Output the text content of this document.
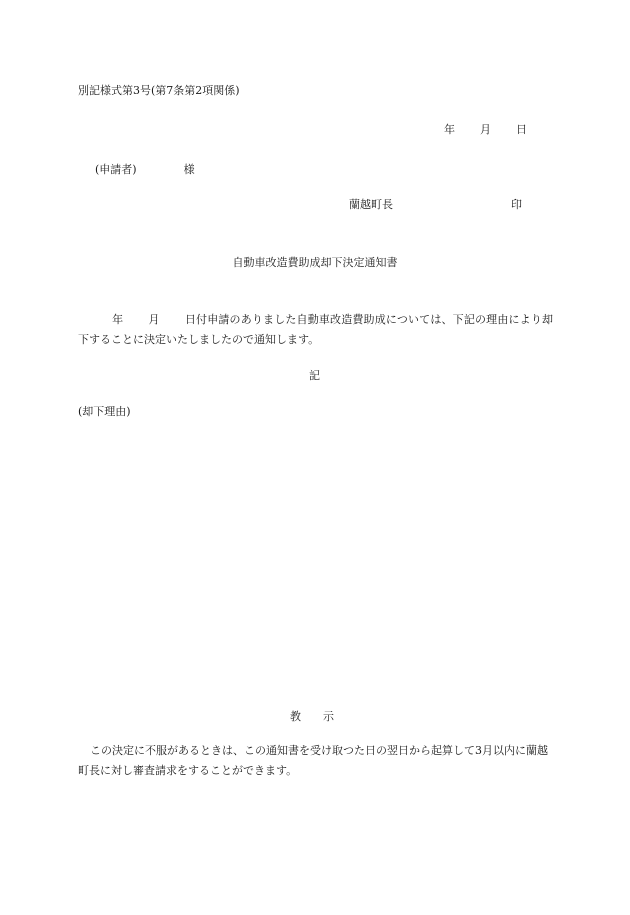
別記様式第3号(第7条第2項関係)
年 月 日
(申請者)	様
蘭越町長	印
自動車改造費助成却下決定通知書
年 月 日付申請のありました自動車改造費助成については、下記の理由により却下することに決定いたしましたので通知します。
記
(却下理由)
教　　示
この決定に不服があるときは、この通知書を受け取つた日の翌日から起算して3月以内に蘭越町長に対し審査請求をすることができます。
